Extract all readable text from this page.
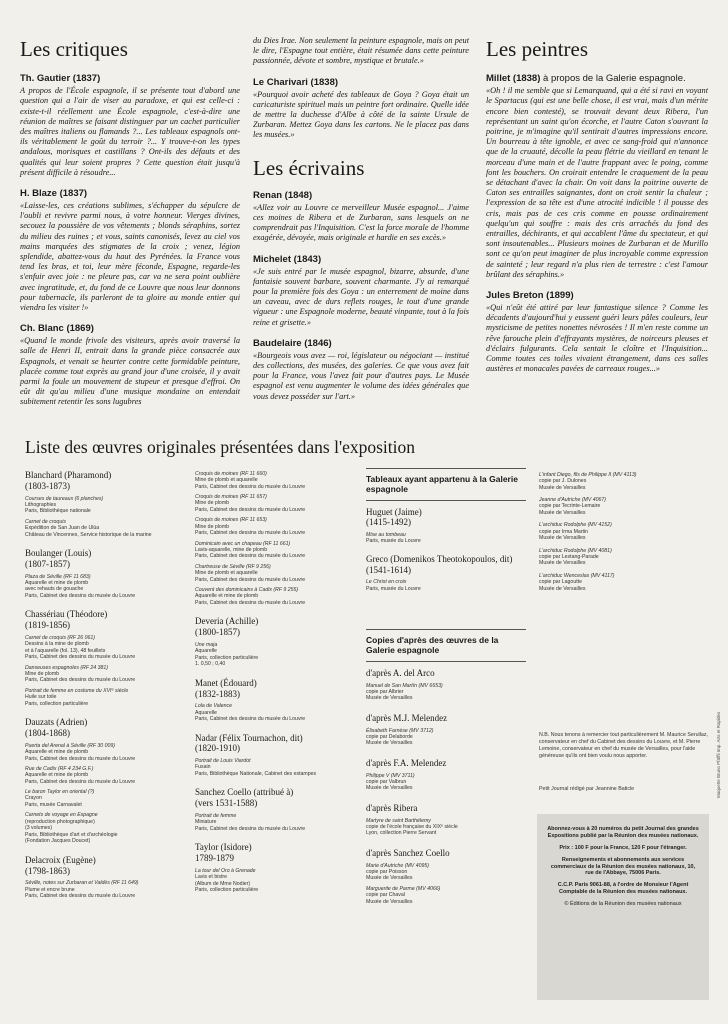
Les critiques

Th. Gautier (1837)

A propos de l'École espagnole, il se présente tout d'abord une question qui a l'air de viser au paradoxe, et qui est celle-ci : existe-t-il réellement une École espagnole, c'est-à-dire une réunion de maîtres se faisant distinguer par un cachet particulier des maîtres italiens ou flamands ?... Les tableaux espagnols ont-ils véritablement le goût du terroir ?... Y trouve-t-on les types andalous, morisques et castillans ? Ont-ils des défauts et des qualités qui leur soient propres ? Cette question était jusqu'à présent difficile à résoudre...

H. Blaze (1837)

«Laisse-les, ces créations sublimes, s'échapper du sépulcre de l'oubli et revivre parmi nous, à votre honneur. Vierges divines, secouez la poussière de vos vêtements ; blonds séraphins, sortez du milieu des ruines ; et vous, saints canonisés, levez au ciel vos mains marquées des stigmates de la croix ; venez, légion splendide, abattez-vous du haut des Pyrénées. la France vous tend les bras, et toi, leur mère féconde, Espagne, regarde-les s'enfuir avec joie : ne pleure pas, car va ne sera point oublière avec ingratitude, et, du fond de ce Louvre que nous leur donnons pour tabernacle, ils parleront de ta gloire au monde entier qui viendra les visiter !»

Ch. Blanc (1869)

«Quand le monde frivole des visiteurs, après avoir traversé la salle de Henri II, entrait dans la grande pièce consacrée aux Espagnols, et venait se heurter contre cette formidable peinture, placée comme tout exprès au grand jour d'une croisée, il y avait parmi la foule un mouvement de stupeur et presque d'effroi. On eût dit qu'au milieu d'une musique mondaine on entendait subitement retentir les sons lugubres

du Dies Irae. Non seulement la peinture espagnole, mais on peut le dire, l'Espagne tout entière, était résumée dans cette peinture passionnée, dévote et sombre, mystique et brutale.»

Le Charivari (1838)

«Pourquoi avoir acheté des tableaux de Goya ? Goya était un caricaturiste spirituel mais un peintre fort ordinaire. Quelle idée de mettre la duchesse d'Albe à côté de la sainte Ursule de Zurbaran. Mettez Goya dans les cartons. Ne le placez pas dans les musées.»

Les écrivains

Renan (1848)

«Allez voir au Louvre ce merveilleur Musée espagnol... J'aime ces moines de Ribera et de Zurbaran, sans lesquels on ne comprendrait pas l'Inquisition. C'est la force morale de l'homme exagérée, dévoyée, mais originale et hardie en ses excès.»

Michelet (1843)

«Je suis entré par le musée espagnol, bizarre, absurde, d'une fantaisie souvent barbare, souvent charmante. J'y ai remarqué pour la première fois des Goya : un enterrement de moine dans un caveau, avec de durs reflets rouges, le tout d'une grande vigueur : une Espagnole moderne, beauté vinpante, tout à la fois reine et grisette.»

Baudelaire (1846)

«Bourgeois vous avez — roi, législateur ou négociant — institué des collections, des musées, des galeries. Ce que vous avez fait pour la France, vous l'avez fait pour d'autres pays. Le Musée espagnol est venu augmenter le volume des idées générales que vous devez posséder sur l'art.»

Les peintres

Millet (1838) à propos de la Galerie espagnole.

«Oh ! il me semble que si Lemarquand, qui a été si ravi en voyant le Spartacus (qui est une belle chose, il est vrai, mais d'un mérite encore bien contesté), se trouvait devant deux Ribera, l'un représentant un saint qu'on écorche, et l'autre Caton s'ouvrant la poitrine, je m'imagine qu'il sentirait d'autres impressions encore. Un bourreau à tête ignoble, et avec ce sang-froid qui n'annonce que de la cruauté, décolle la peau flétrie du vieillard en tenant le morceau d'une main et de l'autre frappant avec le poing, comme font les bouchers. On croirait entendre le craquement de la peau se détachant d'avec la chair. On voit dans la poitrine ouverte de Caton ses entrailles saignantes, dont on croit sentir la chaleur ; l'expression de sa tête est d'une atrocité indicible ! il pousse des cris, mais pas de ces cris comme en pousse ordinairement quelqu'un qui souffre : mais des cris arrachés du fond des entrailles, déchirants, et qui accablent l'âme du spectateur, et qui sont insoutenables... Plusieurs moines de Zurbaran et de Murillo sont ce qu'on peut imaginer de plus incroyable comme expression de sainteté ; leur regard n'a plus rien de terrestre : c'est l'amour brûlant des séraphins.»

Jules Breton (1899)

«Qui n'eût été attiré par leur fantastique silence ? Comme les décadents d'aujourd'hui y eussent guéri leurs pâles couleurs, leur mysticisme de petites nonettes névrosées ! Il m'en reste comme un rêve farouche plein d'effrayants mystères, de noirceurs pleuses et d'éclairs fulgurants. Cela sentait le cloître et l'Inquisition... Comme toutes ces toiles vivaient étrangement, dans ces salles austères et monacales pavées de carreaux rouges...»

Liste des œuvres originales présentées dans l'exposition
Blanchard (Pharamond)
(1803-1873)
Courses de taureaux (6 planches)
Lithographies
Paris, Bibliothèque nationale
Carnet de croquis
Expédition de San Juan de Ulùa
Château de Vincennes, Service historique de la marine
Boulanger (Louis)
(1807-1857)
Plaza de Séville (RF 11 683)
Aquarelle et mine de plomb
avec rehauts de gouache
Paris, Cabinet des dessins du musée du Louvre
Chassériau (Théodore)
(1819-1856)
Carnet de croquis (RF 26 061)
Dessins à la mine de plomb
et à l'aquarelle (fol. 13), 48 feuillets
Paris, Cabinet des dessins du musée du Louvre
Danseuses espagnoles (RF 24 381)
Mine de plomb
Paris, Cabinet des dessins du musée du Louvre
Portrait de femme en costume du XVIᵉ siècle
Huile sur toile
Paris, collection particulière
Dauzats (Adrien)
(1804-1868)
Puerta del Arenal à Séville (RF 30 009)
Aquarelle et mine de plomb
Paris, Cabinet des dessins du musée du Louvre
Rue de Cadix (RF 4 234 G.F.)
Aquarelle et mine de plomb
Paris, Cabinet des dessins du musée du Louvre
Le baron Taylor en oriental (?)
Crayon
Paris, musée Carnavalet
Carnets de voyage en Espagne
(reproduction photographique)
(3 volumes)
Paris, Bibliothèque d'art et d'archéologie
(Fondation Jacques Doucet)
Delacroix (Eugène)
(1798-1863)
Séville, notes sur Zurbaran et Valdès (RF 11 649)
Plume et encre brune
Paris, Cabinet des dessins du musée du Louvre
Croquis de moines (RF 11 660)
Mine de plomb et aquarelle
Paris, Cabinet des dessins du musée du Louvre
Croquis de moines (RF 11 657)
Mine de plomb
Paris, Cabinet des dessins du musée du Louvre
Croquis de moines (RF 11 653)
Mine de plomb
Paris, Cabinet des dessins du musée du Louvre
Dominicain avec un chapeau (RF 11 661)
Lavis-aquarelle, mine de plomb
Paris, Cabinet des dessins du musée du Louvre
Chartreuse de Séville (RF 9 256)
Mine de plomb et aquarelle
Paris, Cabinet des dessins du musée du Louvre
Couvent des dominicains à Cadix (RF 9 255)
Aquarelle et mine de plomb
Paris, Cabinet des dessins du musée du Louvre
Deveria (Achille)
(1800-1857)
Une maja
Aquarelle
Paris, collection particulière
1. 0,50 ; 0,40
Manet (Édouard)
(1832-1883)
Lola de Valence
Aquarelle
Paris, Cabinet des dessins du musée du Louvre
Nadar (Félix Tournachon, dit)
(1820-1910)
Portrait de Louis Viardot
Fusain
Paris, Bibliothèque Nationale, Cabinet des estampes
Sanchez Coello (attribué à)
(vers 1531-1588)
Portrait de femme
Miniature
Paris, Cabinet des dessins du musée du Louvre
Taylor (Isidore)
1789-1879
La tour del Oro à Grenade
Lavis et bistre
(Album de Mme Nodier)
Paris, collection particulière
Tableaux ayant appartenu à la Galerie espagnole
Huguet (Jaime)
(1415-1492)
Mise au tombeau
Paris, musée du Louvre
Greco (Domenikos Theotokopoulos, dit)
(1541-1614)
Le Christ en croix
Paris, musée du Louvre
Copies d'après des œuvres de la Galerie espagnole
d'après A. del Arco
Manuel de San Martín (MV 6653)
copie par Albrier
Musée de Versailles
d'après M.J. Melendez
Élisabeth Farnèse (MV 3712)
copie par Delaborde
Musée de Versailles
d'après F.A. Melendez
Philippe V (MV 3711)
copie par Valbrun
Musée de Versailles
d'après Ribera
Martyre de saint Barthélemy
copie de l'école française du XIXᵉ siècle
Lyon, collection Pierre Servant
d'après Sanchez Coello
Marie d'Autriche (MV 4095)
copie par Poisson
Musée de Versailles
Marguerite de Parme (MV 4066)
copie par Chaval
Musée de Versailles
L'infant Diego, fils de Philippe II (MV 4113)
copie par J. Dulones
Musée de Versailles
Jeanne d'Autriche (MV 4067)
copie par Tecrinte-Lemaire
Musée de Versailles
L'archiduc Rodolphe (MV 4152)
copie par Irma Martin
Musée de Versailles
L'archiduc Rodolphe (MV 4081)
copie par Lestang-Parade
Musée de Versailles
L'archiduc Wenceslas (MV 4117)
copie par Lagoutte
Musée de Versailles

N.B. Nous tenons à remercier tout particulièrement M. Maurice Serullaz, conservateur en chef du Cabinet des dessins du Louvre, et M. Pierre Lemoine, conservateur en chef du musée de Versailles, pour l'aide généreuse qu'ils ont bien voulu nous apporter.

Petit Journal rédigé par Jeannine Baticle

Abonnez-vous à 20 numéros du petit Journal des grandes Expositions publié par la Réunion des musées nationaux.

Prix : 100 F pour la France, 120 F pour l'étranger.

Renseignements et abonnements aux services commerciaux de la Réunion des musées nationaux, 10, rue de l'Abbaye, 75006 Paris.

C.C.P. Paris 9061-88, à l'ordre de Monsieur l'Agent Comptable de la Réunion des musées nationaux.

© Éditions de la Réunion des musées nationaux

Maquette Bruno Pfäffli Imp. Arts et Rapides
